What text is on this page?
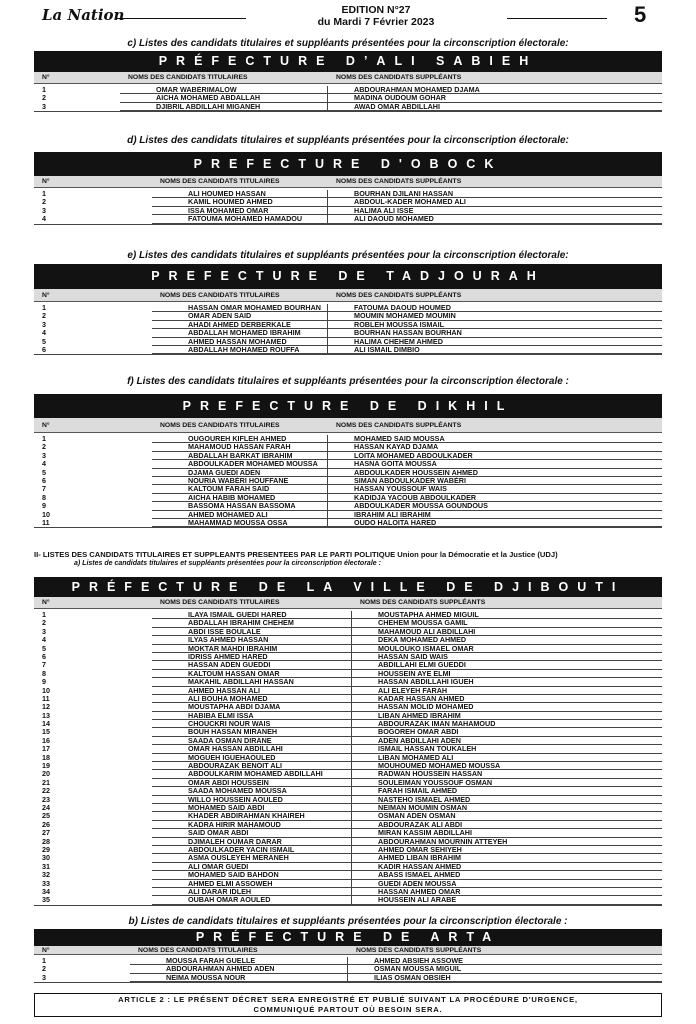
La Nation	EDITION N°27
du Mardi 7 Février 2023	5
c) Listes des candidats titulaires et suppléants présentées pour la circonscription électorale:
PRÉFECTURE D’ALI SABIEH
N°	NOMS DES CANDIDATS TITULAIRES	NOMS DES CANDIDATS SUPPLÉANTS
1	OMAR WABÉRIMALOW	ABDOURAHMAN MOHAMED DJAMA
2	AICHA MOHAMED ABDALLAH	MADINA OUDOUM GOHAR
3	DJIBRIL ABDILLAHI MIGANEH	AWAD OMAR ABDILLAHI
d) Listes des candidats titulaires et suppléants présentées pour la circonscription électorale:
PREFECTURE D'OBOCK
N°	NOMS DES CANDIDATS TITULAIRES	NOMS DES CANDIDATS SUPPLÉANTS
1	ALI HOUMED HASSAN	BOURHAN DJILANI HASSAN
2	KAMIL HOUMED AHMED	ABDOUL-KADER MOHAMED ALI
3	ISSA MOHAMED OMAR	HALIMA ALI ISSE
4	FATOUMA MOHAMED HAMADOU	ALI DAOUD MOHAMED
e) Listes des candidats titulaires et suppléants présentées pour la circonscription électorale:
PREFECTURE DE TADJOURAH
N°	NOMS DES CANDIDATS TITULAIRES	NOMS DES CANDIDATS SUPPLÉANTS
1	HASSAN OMAR MOHAMED BOURHAN	FATOUMA DAOUD HOUMED
2	OMAR ADEN SAID	MOUMIN MOHAMED MOUMIN
3	AHADI AHMED DERBERKALE	ROBLEH MOUSSA ISMAIL
4	ABDALLAH MOHAMED IBRAHIM	BOURHAN HASSAN BOURHAN
5	AHMED HASSAN MOHAMED	HALIMA CHEHEM AHMED
6	ABDALLAH MOHAMED ROUFFA	ALI ISMAIL DIMBIO
f) Listes des candidats titulaires et suppléants présentées pour la circonscription électorale :
PREFECTURE DE DIKHIL
N°	NOMS DES CANDIDATS TITULAIRES	NOMS DES CANDIDATS SUPPLÉANTS
1	OUGOUREH KIFLEH AHMED	MOHAMED SAID MOUSSA
2	MAHAMOUD HASSAN FARAH	HASSAN KAYAD DJAMA
3	ABDALLAH BARKAT IBRAHIM	LOITA MOHAMED ABDOULKADER
4	ABDOULKADER MOHAMED MOUSSA	HASNA GOITA MOUSSA
5	DJAMA GUEDI ADEN	ABDOULKADER HOUSSEIN AHMED
6	NOURIA WABÉRI HOUFFANE	SIMAN ABDOULKADER WABÉRI
7	KALTOUM FARAH SAID	HASSAN YOUSSOUF WAIS
8	AICHA HABIB MOHAMED	KADIDJA YACOUB ABDOULKADER
9	BASSOMA HASSAN BASSOMA	ABDOULKADER MOUSSA GOUNDOUS
10	AHMED MOHAMED ALI	IBRAHIM ALI IBRAHIM
11	MAHAMMAD MOUSSA OSSA	OUDO HALOITA HARED
PRÉFECTURE DE LA VILLE DE DJIBOUTI
N°	NOMS DES CANDIDATS TITULAIRES	NOMS DES CANDIDATS SUPPLÉANTS
1	ILAYA ISMAIL GUEDI HARED	MOUSTAPHA AHMED MIGUIL
2	ABDALLAH IBRAHIM CHEHEM	CHEHEM MOUSSA GAMIL
3	ABDI ISSE BOULALE	MAHAMOUD ALI ABDILLAHI
4	ILYAS AHMED HASSAN	DEKA MOHAMED AHMED
5	MOKTAR MAHDI IBRAHIM	MOULOUKO ISMAEL OMAR
6	IDRISS AHMED HARED	HASSAN SAID WAIS
7	HASSAN ADEN GUEDDI	ABDILLAHI ELMI GUEDDI
8	KALTOUM HASSAN OMAR	HOUSSEIN AYE ELMI
9	MAKAHIL ABDILLAHI HASSAN	HASSAN ABDILLAHI IGUEH
10	AHMED HASSAN ALI	ALI ELEYEH FARAH
11	ALI BOUHA MOHAMED	KADAR HASSAN AHMED
12	MOUSTAPHA ABDI DJAMA	HASSAN MOLID MOHAMED
13	HABIBA ELMI ISSA	LIBAN AHMED IBRAHIM
14	CHOUCKRI NOUR WAIS	ABDOURAZAK IMAN MAHAMOUD
15	BOUH HASSAN MIRANEH	BOGOREH OMAR ABDI
16	SAADA OSMAN DIRANE	ADEN ABDILLAHI ADEN
17	OMAR HASSAN ABDILLAHI	ISMAIL HASSAN TOUKALEH
18	MOGUEH IGUEHAOULED	LIBAN MOHAMED ALI
19	ABDOURAZAK BENOIT ALI	MOUHOUMED MOHAMED MOUSSA
20	ABDOULKARIM MOHAMED ABDILLAHI	RADWAN HOUSSEIN HASSAN
21	OMAR ABDI HOUSSEIN	SOULEIMAN YOUSSOUF OSMAN
22	SAADA MOHAMED MOUSSA	FARAH ISMAIL AHMED
23	WILLO HOUSSEIN AOULED	NASTEHO ISMAEL AHMED
24	MOHAMED SAID ABDI	NEIMAN MOUMIN OSMAN
25	KHADER ABDIRAHMAN KHAIREH	OSMAN ADEN OSMAN
26	KADRA HIRIR MAHAMOUD	ABDOURAZAK ALI ABDI
27	SAID OMAR ABDI	MIRAN KASSIM ABDILLAHI
28	DJIMALEH OUMAR DARAR	ABDOURAHMAN MOURNIN ATTEYEH
29	ABDOULKADER YACIN ISMAIL	AHMED OMAR SEHIYEH
30	ASMA OUSLEYEH MERANEH	AHMED LIBAN IBRAHIM
31	ALI OMAR GUEDI	KADIR HASSAN AHMED
32	MOHAMED SAID BAHDON	ABASS ISMAEL AHMED
33	AHMED ELMI ASSOWEH	GUEDI ADEN MOUSSA
34	ALI DARAR IDLEH	HASSAN AHMED OMAR
35	OUBAH OMAR AOULED	HOUSSEIN ALI ARABE
b) Listes de candidats titulaires et suppléants présentées pour la circonscription électorale :
PRÉFECTURE DE ARTA
N°	NOMS DES CANDIDATS TITULAIRES	NOMS DES CANDIDATS SUPPLÉANTS
1	MOUSSA FARAH GUELLE	AHMED ABSIEH ASSOWE
2	ABDOURAHMAN AHMED ADEN	OSMAN MOUSSA MIGUIL
3	NEIMA MOUSSA NOUR	ILIAS OSMAN OBSIEH
II- LISTES DES CANDIDATS TITULAIRES ET SUPPLEANTS PRESENTEES PAR LE PARTI POLITIQUE Union pour la Démocratie et la Justice (UDJ)
a) Listes de candidats titulaires et suppléants présentées pour la circonscription électorale :
ARTICLE 2 : LE PRÉSENT DÉCRET SERA ENREGISTRÉ ET PUBLIÉ SUIVANT LA PROCÉDURE D'URGENCE,
COMMUNIQUÉ PARTOUT OÙ BESOIN SERA.
